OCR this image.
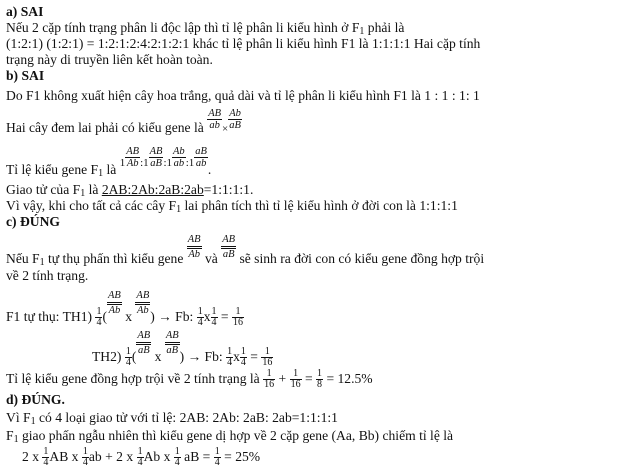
a) SAI
Nếu 2 cặp tính trạng phân li độc lập thì tỉ lệ phân li kiểu hình ở F1 phải là
(1:2:1) (1:2:1) = 1:2:1:2:4:2:1:2:1 khác tỉ lệ phân li kiểu hình F1 là 1:1:1:1 Hai cặp tính
trạng này di truyền liên kết hoàn toàn.
b) SAI
Do F1 không xuất hiện cây hoa trắng, quả dài và tỉ lệ phân li kiểu hình F1 là 1 : 1 : 1: 1
Hai cây đem lai phải có kiểu gene là $\frac{AB}{ab} \times \frac{Ab}{aB}$
Tỉ lệ kiểu gene F1 là $^1 \frac{AB}{Ab} ^{:1} \frac{AB}{aB} ^{:1} \frac{Ab}{ab} ^{:1} \frac{aB}{ab}$
.
Giao tử của F1 là 2AB:2Ab:2aB:2ab=1:1:1:1.
Vì vậy, khi cho tất cả các cây F1 lai phân tích thì tỉ lệ kiểu hình ở đời con là 1:1:1:1
c) ĐÚNG
Nếu F1 tự thụ phấn thì kiểu gene $\frac{AB}{Ab}$ và $\frac{AB}{aB}$ sẽ sinh ra đời con có kiểu gene đồng hợp trội
về 2 tính trạng.
F1 tự thụ: $TH1) \frac{1}{4}$ (
$\frac{AB}{Ab}$
x
$\frac{AB}{Ab}$
) → Fb: $\frac{1}{4}$ x $\frac{1}{4} = \frac{1}{16}$
$TH2) \frac{1}{4}$ (
$\frac{AB}{aB}$
x
$\frac{AB}{aB}$
) → Fb: $\frac{1}{4}$ x $\frac{1}{4} = \frac{1}{16}$
Tỉ lệ kiểu gene đồng hợp trội về 2 tính trạng là $\frac{1}{16} + \frac{1}{16} = \frac{1}{8} = 12.5\%$
d) ĐÚNG.
Vì F1 có 4 loại giao tử với tỉ lệ: 2AB: 2Ab: 2aB: 2ab=1:1:1:1
F1 giao phấn ngẫu nhiên thì kiểu gene dị hợp về 2 cặp gene (Aa, Bb) chiếm tỉ lệ là
2 x $\frac{1}{4}$ AB x $\frac{1}{4}$ ab + 2 x $\frac{1}{4}$ Ab x $\frac{1}{4}$ aB = $\frac{1}{4} = 25\%$
